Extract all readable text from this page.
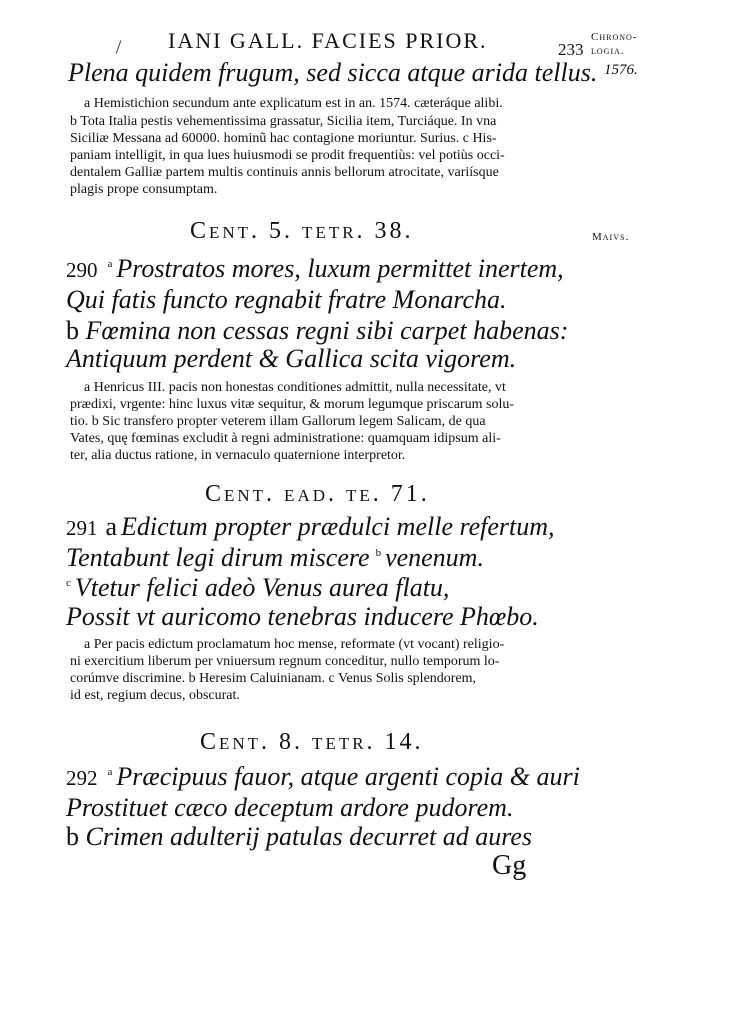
IANI GALL. FACIES PRIOR.	233
Chrono-
logia.
1576.
Maivs.
Plena quidem frugum, sed sicca atque arida tellus.
a Hemistichion secundum ante explicatum est in an. 1574. cæteráque alibi.
b Tota Italia pestis vehementissima grassatur, Sicilia item, Turciáque. In vna
Siciliæ Messana ad 60000. hominũ hac contagione moriuntur. Surius. c His-
paniam intelligit, in qua lues huiusmodi se prodit frequentiùs: vel potiùs occi-
dentalem Galliæ partem multis continuis annis bellorum atrocitate, variísque
plagis prope consumptam.
Cent. 5. tetr. 38.
290 $^a$ Prostratos mores, luxum permittet inertem,
Qui fatis functo regnabit fratre Monarcha.
b Fœmina non cessas regni sibi carpet habenas:
Antiquum perdent & Gallica scita vigorem.
a Henricus III. pacis non honestas conditiones admittit, nulla necessitate, vt
prædixi, vrgente: hinc luxus vitæ sequitur, & morum legumque priscarum solu-
tio. b Sic transfero propter veterem illam Gallorum legem Salicam, de qua
Vates, quę fœminas excludit à regni administratione: quamquam idipsum ali-
ter, alia ductus ratione, in vernaculo quaternione interpretor.
Cent. ead. te. 71.
291 a Edictum propter prædulci melle refertum,
Tentabunt legi dirum miscere $^b$ venenum.
$^c$ Vtetur felici adeò Venus aurea flatu,
Possit vt auricomo tenebras inducere Phœbo.
a Per pacis edictum proclamatum hoc mense, reformate (vt vocant) religio-
ni exercitium liberum per vniuersum regnum conceditur, nullo temporum lo-
corúmve discrimine. b Heresim Caluinianam. c Venus Solis splendorem,
id est, regium decus, obscurat.
Cent. 8. tetr. 14.
292 $^a$ Præcipuus fauor, atque argenti copia & auri
Prostituet cæco deceptum ardore pudorem.
b Crimen adulterij patulas decurret ad aures
Gg
